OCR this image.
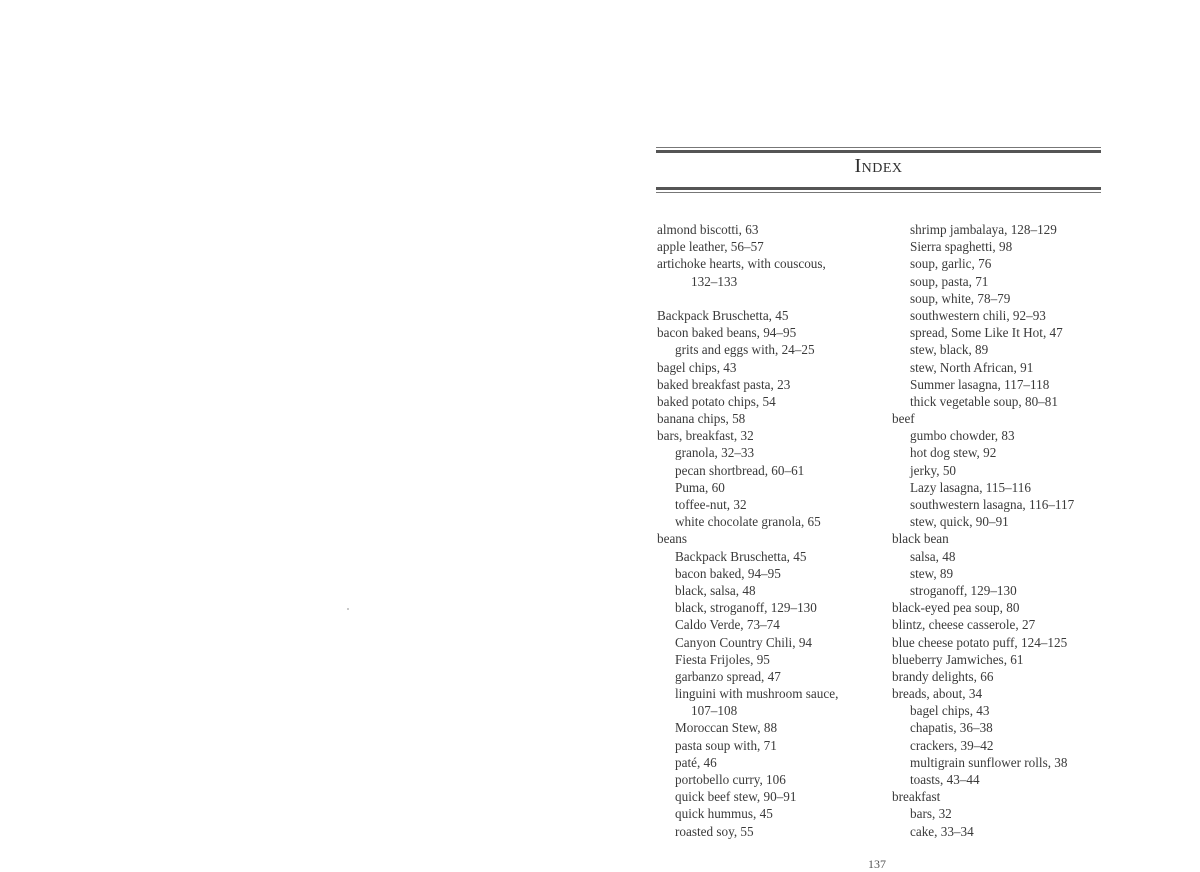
Index
almond biscotti, 63
apple leather, 56–57
artichoke hearts, with couscous,
132–133
Backpack Bruschetta, 45
bacon baked beans, 94–95
grits and eggs with, 24–25
bagel chips, 43
baked breakfast pasta, 23
baked potato chips, 54
banana chips, 58
bars, breakfast, 32
granola, 32–33
pecan shortbread, 60–61
Puma, 60
toffee-nut, 32
white chocolate granola, 65
beans
Backpack Bruschetta, 45
bacon baked, 94–95
black, salsa, 48
black, stroganoff, 129–130
Caldo Verde, 73–74
Canyon Country Chili, 94
Fiesta Frijoles, 95
garbanzo spread, 47
linguini with mushroom sauce,
107–108
Moroccan Stew, 88
pasta soup with, 71
paté, 46
portobello curry, 106
quick beef stew, 90–91
quick hummus, 45
roasted soy, 55
shrimp jambalaya, 128–129
Sierra spaghetti, 98
soup, garlic, 76
soup, pasta, 71
soup, white, 78–79
southwestern chili, 92–93
spread, Some Like It Hot, 47
stew, black, 89
stew, North African, 91
Summer lasagna, 117–118
thick vegetable soup, 80–81
beef
gumbo chowder, 83
hot dog stew, 92
jerky, 50
Lazy lasagna, 115–116
southwestern lasagna, 116–117
stew, quick, 90–91
black bean
salsa, 48
stew, 89
stroganoff, 129–130
black-eyed pea soup, 80
blintz, cheese casserole, 27
blue cheese potato puff, 124–125
blueberry Jamwiches, 61
brandy delights, 66
breads, about, 34
bagel chips, 43
chapatis, 36–38
crackers, 39–42
multigrain sunflower rolls, 38
toasts, 43–44
breakfast
bars, 32
cake, 33–34
137
